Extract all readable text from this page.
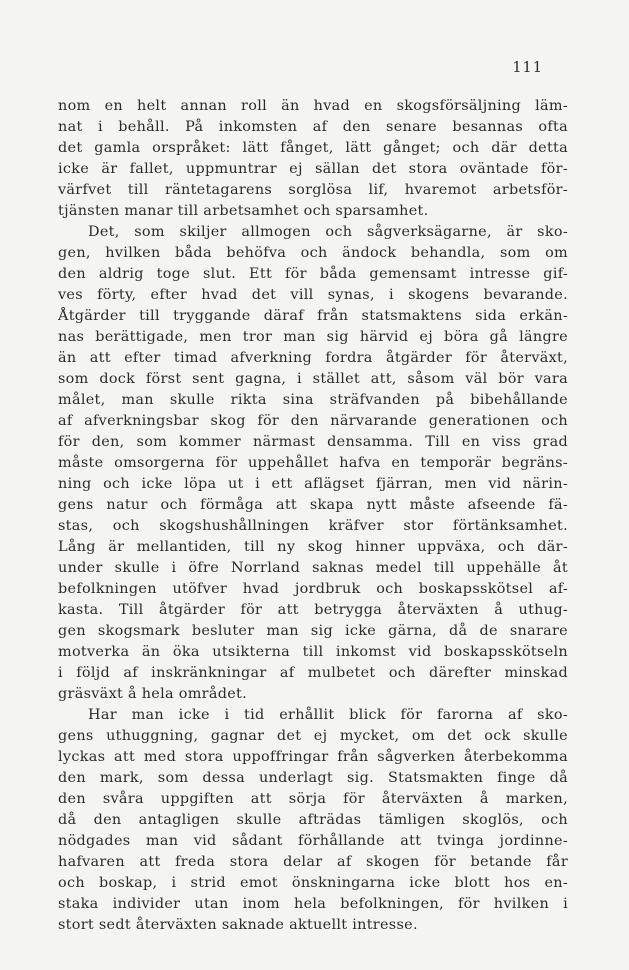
111
nom en helt annan roll än hvad en skogsförsäljning läm-
nat i behåll. På inkomsten af den senare besannas ofta
det gamla orspråket: lätt fånget, lätt gånget; och där detta
icke är fallet, uppmuntrar ej sällan det stora oväntade för-
värfvet till räntetagarens sorglösa lif, hvaremot arbetsför-
tjänsten manar till arbetsamhet och sparsamhet.
Det, som skiljer allmogen och sågverksägarne, är sko-
gen, hvilken båda behöfva och ändock behandla, som om
den aldrig toge slut. Ett för båda gemensamt intresse gif-
ves förty, efter hvad det vill synas, i skogens bevarande.
Åtgärder till tryggande däraf från statsmaktens sida erkän-
nas berättigade, men tror man sig härvid ej böra gå längre
än att efter timad afverkning fordra åtgärder för återväxt,
som dock först sent gagna, i stället att, såsom väl bör vara
målet, man skulle rikta sina sträfvanden på bibehållande
af afverkningsbar skog för den närvarande generationen och
för den, som kommer närmast densamma. Till en viss grad
måste omsorgerna för uppehållet hafva en temporär begräns-
ning och icke löpa ut i ett aflägset fjärran, men vid närin-
gens natur och förmåga att skapa nytt måste afseende fä-
stas, och skogshushållningen kräfver stor förtänksamhet.
Lång är mellantiden, till ny skog hinner uppväxa, och där-
under skulle i öfre Norrland saknas medel till uppehälle åt
befolkningen utöfver hvad jordbruk och boskapsskötsel af-
kasta. Till åtgärder för att betrygga återväxten å uthug-
gen skogsmark besluter man sig icke gärna, då de snarare
motverka än öka utsikterna till inkomst vid boskapsskötseln
i följd af inskränkningar af mulbetet och därefter minskad
gräsväxt å hela området.
Har man icke i tid erhållit blick för farorna af sko-
gens uthuggning, gagnar det ej mycket, om det ock skulle
lyckas att med stora uppoffringar från sågverken återbekomma
den mark, som dessa underlagt sig. Statsmakten finge då
den svåra uppgiften att sörja för återväxten å marken,
då den antagligen skulle afträdas tämligen skoglös, och
nödgades man vid sådant förhållande att tvinga jordinne-
hafvaren att freda stora delar af skogen för betande får
och boskap, i strid emot önskningarna icke blott hos en-
staka individer utan inom hela befolkningen, för hvilken i
stort sedt återväxten saknade aktuellt intresse.
